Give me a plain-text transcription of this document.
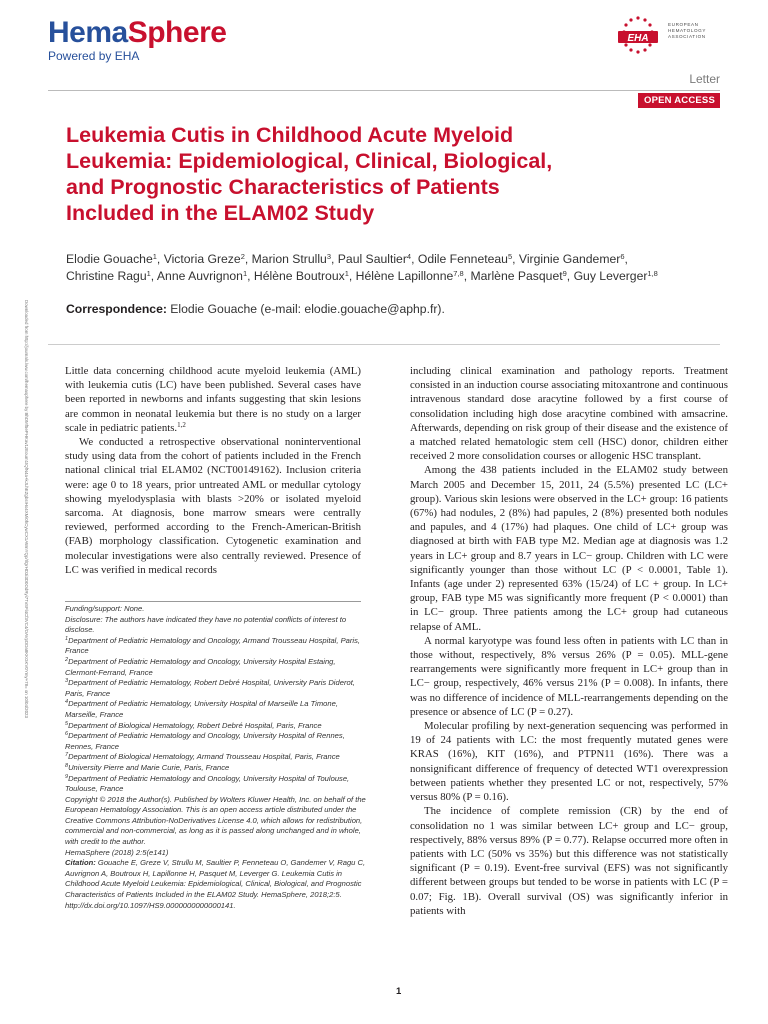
HemaSphere
Powered by EHA
EHA
EUROPEAN
HEMATOLOGY
ASSOCIATION
Letter
OPEN ACCESS
Leukemia Cutis in Childhood Acute Myeloid
Leukemia: Epidemiological, Clinical, Biological,
and Prognostic Characteristics of Patients
Included in the ELAM02 Study
Elodie Gouache$^1$, Victoria Greze$^2$, Marion Strullu$^3$, Paul Saultier$^4$, Odile Fenneteau$^5$, Virginie Gandemer$^6$,
Christine Ragu$^1$, Anne Auvrignon$^1$, Hélène Boutroux$^1$, Hélène Lapillonne$^{7,8}$, Marlène Pasquet$^9$, Guy Leverger$^{1,8}$
Correspondence: Elodie Gouache (e-mail: elodie.gouache@aphp.fr).
Downloaded from http://journals.lww.com/hemasphere by BhDMf5ePHKav1zEoum1tQfN4a+kJLhEZgbsIHo4XMi0hCywCX1AWnYQp/IlQrHD3i3D0OdRyi7TvSFl4Cf3VC4/OAVpDDa8KKGKV0Ymy+78= on 10/04/2023	Little data concerning childhood acute myeloid leukemia (AML) with leukemia cutis (LC) have been published. Several cases have been reported in newborns and infants suggesting that skin lesions are common in neonatal leukemia but there is no study on a larger scale in pediatric patients.$^{1,2}$

We conducted a retrospective observational noninterventional study using data from the cohort of patients included in the French national clinical trial ELAM02 (NCT00149162). Inclusion criteria were: age 0 to 18 years, prior untreated AML or medullar cytology showing myelodysplasia with blasts >20% or isolated myeloid sarcoma. At diagnosis, bone marrow smears were centrally reviewed, performed according to the French-American-British (FAB) morphology classification. Cytogenetic examination and molecular investigations were also centrally reviewed. Presence of LC was verified in medical records

Funding/support: None.
Disclosure: The authors have indicated they have no potential conflicts of interest to disclose.
$^1$Department of Pediatric Hematology and Oncology, Armand Trousseau Hospital, Paris, France
$^2$Department of Pediatric Hematology and Oncology, University Hospital Estaing, Clermont-Ferrand, France
$^3$Department of Pediatric Hematology, Robert Debré Hospital, University Paris Diderot, Paris, France
$^4$Department of Pediatric Hematology, University Hospital of Marseille La Timone, Marseille, France
$^5$Department of Biological Hematology, Robert Debré Hospital, Paris, France
$^6$Department of Pediatric Hematology and Oncology, University Hospital of Rennes, Rennes, France
$^7$Department of Biological Hematology, Armand Trousseau Hospital, Paris, France
$^8$University Pierre and Marie Curie, Paris, France
$^9$Department of Pediatric Hematology and Oncology, University Hospital of Toulouse, Toulouse, France
Copyright © 2018 the Author(s). Published by Wolters Kluwer Health, Inc. on behalf of the European Hematology Association. This is an open access article distributed under the Creative Commons Attribution-NoDerivatives License 4.0, which allows for redistribution, commercial and non-commercial, as long as it is passed along unchanged and in whole, with credit to the author.
HemaSphere (2018) 2:5(e141)
Citation: Gouache E, Greze V, Strullu M, Saultier P, Fenneteau O, Gandemer V, Ragu C, Auvrignon A, Boutroux H, Lapillonne H, Pasquet M, Leverger G. Leukemia Cutis in Childhood Acute Myeloid Leukemia: Epidemiological, Clinical, Biological, and Prognostic Characteristics of Patients Included in the ELAM02 Study. HemaSphere, 2018;2:5. http://dx.doi.org/10.1097/HS9.0000000000000141.

including clinical examination and pathology reports. Treatment consisted in an induction course associating mitoxantrone and continuous intravenous standard dose aracytine followed by a first course of consolidation including high dose aracytine combined with amsacrine. Afterwards, depending on risk group of their disease and the existence of a matched related hematologic stem cell (HSC) donor, children either received 2 more consolidation courses or allogenic HSC transplant.

Among the 438 patients included in the ELAM02 study between March 2005 and December 15, 2011, 24 (5.5%) presented LC (LC+ group). Various skin lesions were observed in the LC+ group: 16 patients (67%) had nodules, 2 (8%) had papules, 2 (8%) presented both nodules and papules, and 4 (17%) had plaques. One child of LC+ group was diagnosed at birth with FAB type M2. Median age at diagnosis was 1.2 years in LC+ group and 8.7 years in LC− group. Children with LC were significantly younger than those without LC (P < 0.0001, Table 1). Infants (age under 2) represented 63% (15/24) of LC + group. In LC+ group, FAB type M5 was significantly more frequent (P < 0.0001) than in LC− group. Three patients among the LC+ group had cutaneous relapse of AML.

A normal karyotype was found less often in patients with LC than in those without, respectively, 8% versus 26% (P = 0.05). MLL-gene rearrangements were significantly more frequent in LC+ group than in LC− group, respectively, 46% versus 21% (P = 0.008). In infants, there was no difference of incidence of MLL-rearrangements depending on the presence or absence of LC (P = 0.27).

Molecular profiling by next-generation sequencing was performed in 19 of 24 patients with LC: the most frequently mutated genes were KRAS (16%), KIT (16%), and PTPN11 (16%). There was a nonsignificant difference of frequency of detected WT1 overexpression between patients whether they presented LC or not, respectively, 57% versus 80% (P = 0.16).

The incidence of complete remission (CR) by the end of consolidation no 1 was similar between LC+ group and LC− group, respectively, 88% versus 89% (P = 0.77). Relapse occurred more often in patients with LC (50% vs 35%) but this difference was not statistically significant (P = 0.19). Event-free survival (EFS) was not significantly different between groups but tended to be worse in patients with LC (P = 0.07; Fig. 1B). Overall survival (OS) was significantly inferior in patients with

1
